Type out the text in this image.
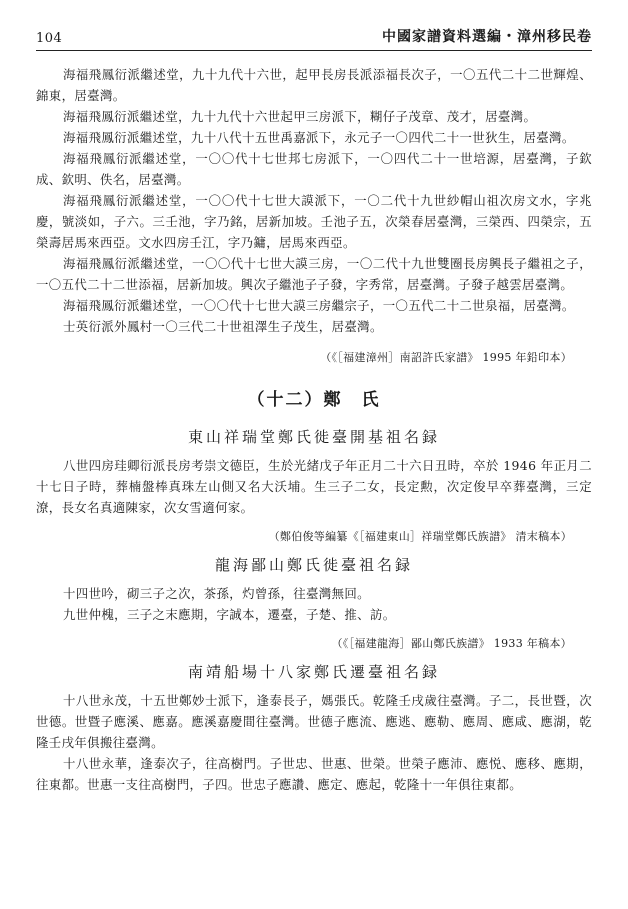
104	中國家譜資料選編・漳州移民卷

海福飛鳳衍派繼述堂，九十九代十六世，起甲長房長派添福長次子，一〇五代二十二世輝煌、錦東，居臺灣。

海福飛鳳衍派繼述堂，九十九代十六世起甲三房派下，糊仔子茂章、茂才，居臺灣。

海福飛鳳衍派繼述堂，九十八代十五世禹嘉派下，永元子一〇四代二十一世狄生，居臺灣。

海福飛鳳衍派繼述堂，一〇〇代十七世邦七房派下，一〇四代二十一世培源，居臺灣，子欽成、欽明、佚名，居臺灣。

海福飛鳳衍派繼述堂，一〇〇代十七世大謨派下，一〇二代十九世紗帽山祖次房文水，字兆慶，號淡如，子六。三壬池，字乃銘，居新加坡。壬池子五，次榮春居臺灣，三榮西、四榮宗，五榮壽居馬來西亞。文水四房壬江，字乃鏞，居馬來西亞。

海福飛鳳衍派繼述堂，一〇〇代十七世大謨三房，一〇二代十九世雙圈長房興長子繼祖之子，一〇五代二十二世添福，居新加坡。興次子繼池子子發，字秀常，居臺灣。子發子越雲居臺灣。

海福飛鳳衍派繼述堂，一〇〇代十七世大謨三房繼宗子，一〇五代二十二世泉福，居臺灣。

士英衍派外鳳村一〇三代二十世祖澤生子茂生，居臺灣。

（《［福建漳州］南詔許氏家譜》 1995 年鉛印本）
（十二）鄭　氏
東山祥瑞堂鄭氏徙臺開基祖名録

八世四房珪卿衍派長房考崇文德臣，生於光緒戊子年正月二十六日丑時，卒於 1946 年正月二十七日子時，葬楠盤棒真珠左山側又名大沃埔。生三子二女，長定勲，次定俊早卒葬臺灣，三定潦，長女名真適陳家，次女雪適何家。

（鄭伯俊等編纂《［福建東山］祥瑞堂鄭氏族譜》 清末稿本）
龍海鄙山鄭氏徙臺祖名録

十四世吟，砌三子之次，茶孫，灼曾孫，往臺灣無回。

九世仲槐，三子之末應期，字誠本，遷臺，子楚、推、訪。

（《［福建龍海］鄙山鄭氏族譜》 1933 年稿本）
南靖船場十八家鄭氏遷臺祖名録

十八世永茂，十五世鄭妙士派下，逢泰長子，媽張氏。乾隆壬戌歲往臺灣。子二，長世暨，次世德。世暨子應溪、應嘉。應溪嘉慶間往臺灣。世德子應流、應逃、應勒、應周、應咸、應湖，乾隆壬戌年俱搬往臺灣。

十八世永華，逢泰次子，往高樹門。子世忠、世惠、世榮。世榮子應沛、應悦、應移、應期，往東都。世惠一支往高樹門，子四。世忠子應讚、應定、應起，乾隆十一年俱往東都。
